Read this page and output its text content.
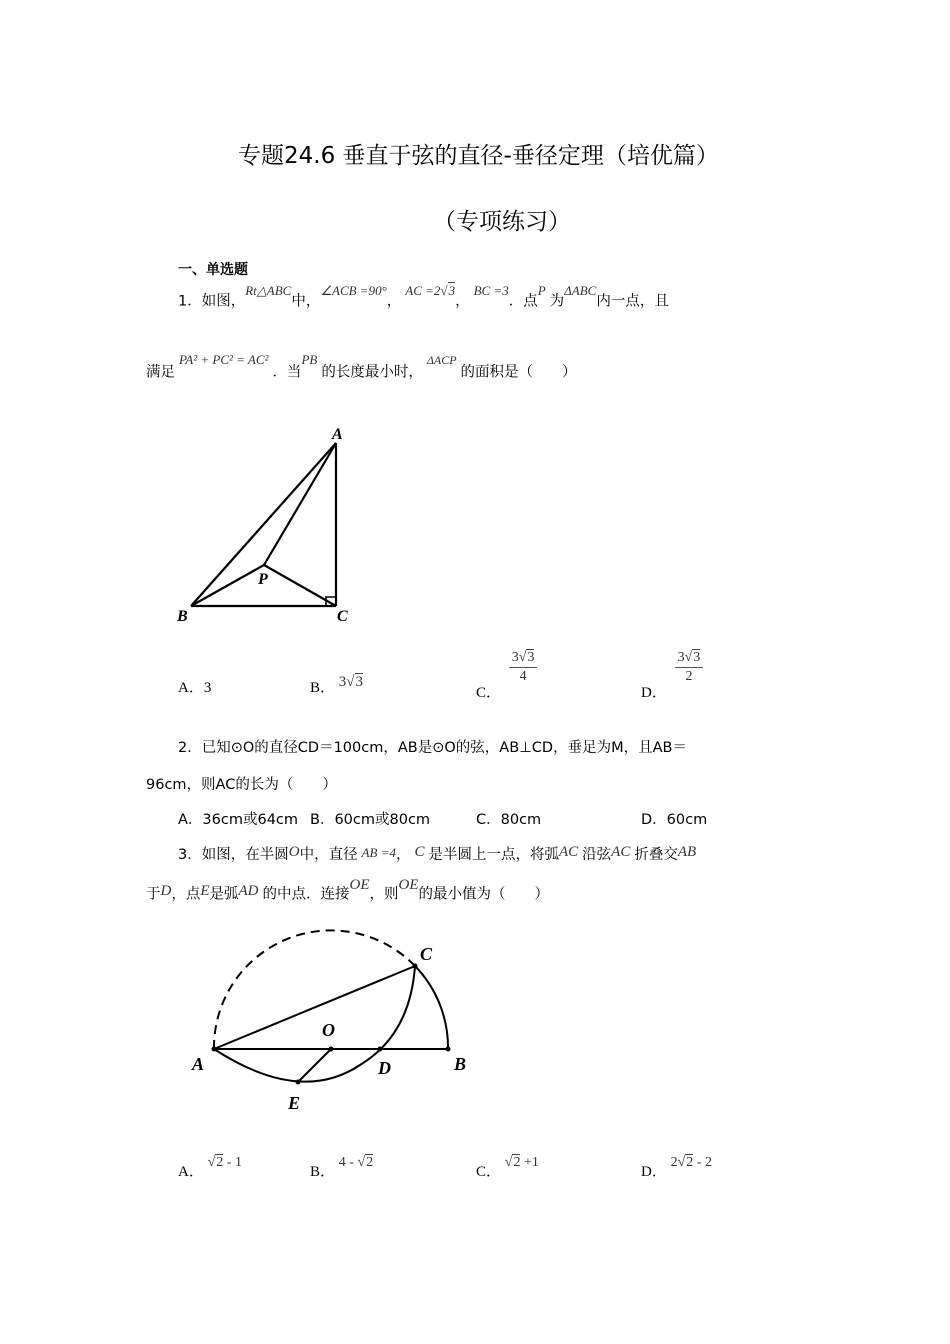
专题24.6 垂直于弦的直径-垂径定理（培优篇）
（专项练习）
一、单选题
1．如图，$^{Rt\triangle ABC}$中，$^{\angle ACB =90^\circ}$， $^{AC =2√3}$， $^{BC =3}$．点$^P$ 为$^{\Delta ABC}$内一点，且
满足 $^{PA^2 + PC^2 = AC^2}$ ．当$^{PB}$ 的长度最小时， $^{\Delta ACP}$ 的面积是（　　）
A
B	C
P
A．3	B． 3√3
C．
$\frac{3√3}{4}$
D．
$\frac{3√3}{2}$
2．已知⊙O的直径CD＝100cm，AB是⊙O的弦，AB⊥CD，垂足为M，且AB＝
96cm，则AC的长为（　　）
A．36cm或64cm B．60cm或80cm	C．80cm	D．60cm
3．如图，在半圆O中，直径 AB =4， C 是半圆上一点，将弧AC 沿弦AC 折叠交AB
于D，点E是弧AD 的中点．连接$^{OE}$，则$^{OE}$的最小值为（　　）
A	B
C
D
E
O
A． √2 - 1
B． 4 - √2
C． √2 +1
D． 2√2 - 2
